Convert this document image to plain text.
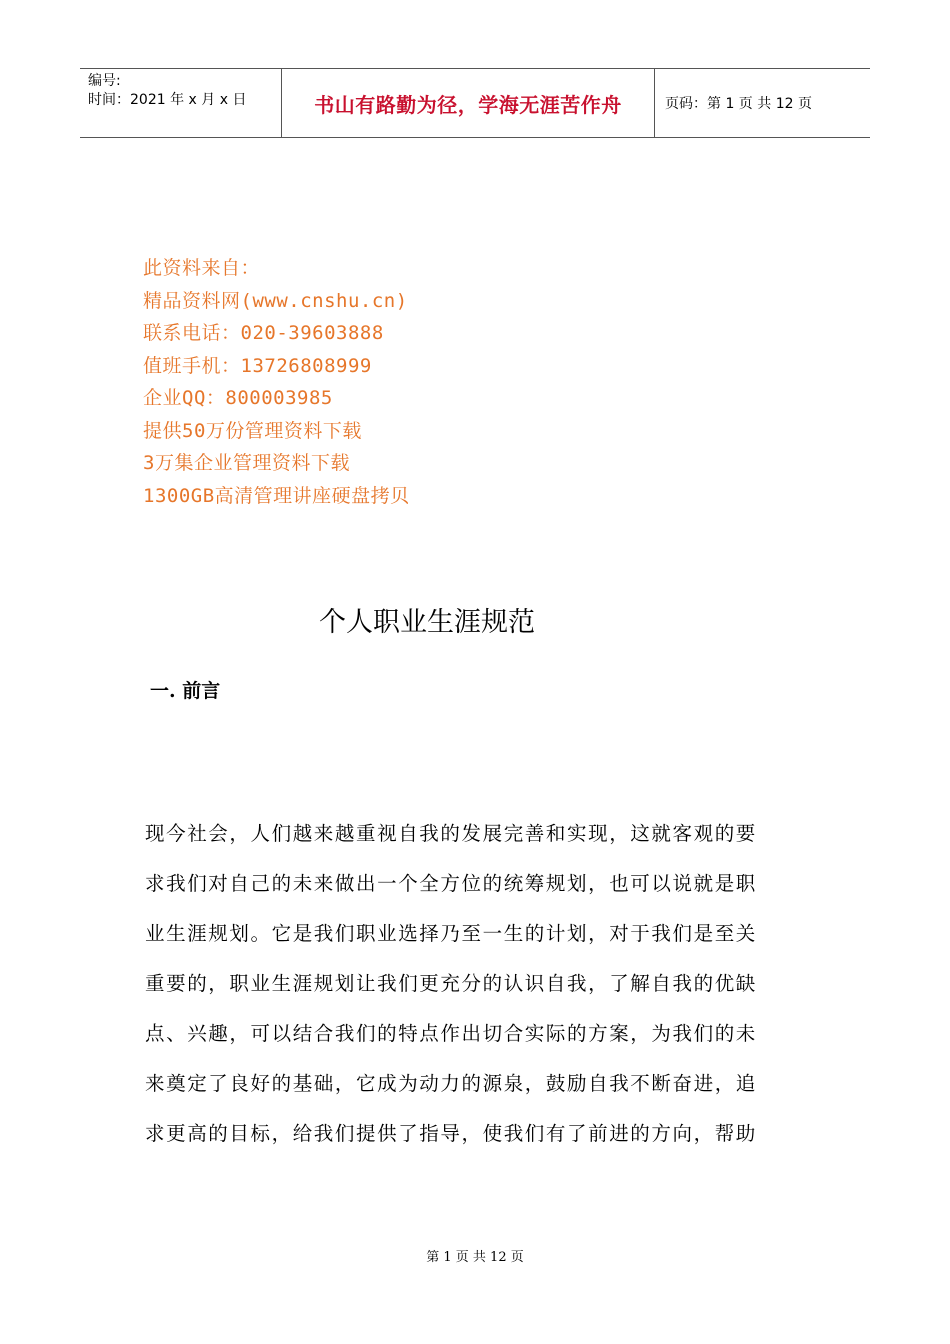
编号:
时间：2021 年 x 月 x 日	书山有路勤为径，学海无涯苦作舟	页码：第 1 页 共 12 页
此资料来自：
精品资料网(www.cnshu.cn)
联系电话：020-39603888
值班手机：13726808999
企业QQ：800003985
提供50万份管理资料下载
3万集企业管理资料下载
1300GB高清管理讲座硬盘拷贝
个人职业生涯规范
一. 前言
现今社会，人们越来越重视自我的发展完善和实现，这就客观的要
求我们对自己的未来做出一个全方位的统筹规划，也可以说就是职
业生涯规划。它是我们职业选择乃至一生的计划，对于我们是至关
重要的，职业生涯规划让我们更充分的认识自我，了解自我的优缺
点、兴趣，可以结合我们的特点作出切合实际的方案，为我们的未
来奠定了良好的基础，它成为动力的源泉，鼓励自我不断奋进，追
求更高的目标，给我们提供了指导，使我们有了前进的方向，帮助
第 1 页 共 12 页
